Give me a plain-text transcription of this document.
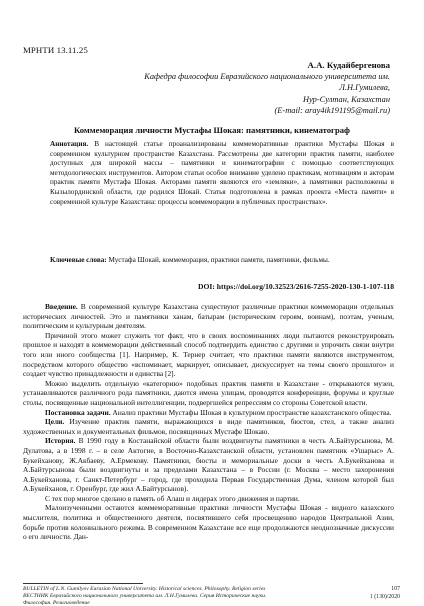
МРНТИ 13.11.25
А.А. Кудайбергенова
Кафедра философии Евразийского национального университета им. Л.Н.Гумилева,
Нур-Султан, Казахстан
(E-mail: aray4ik191195@mail.ru)
Коммеморация личности Мустафы Шокая: памятники, кинематограф
Аннотация. В настоящей статье проанализированы коммеморативные практики Мустафы Шокая в современном культурном пространстве Казахстана. Рассмотрены две категории практик памяти, наиболее доступных для широкой массы – памятники и кинематографии с помощью соответствующих методологических инструментов. Автором статьи особое внимание уделено практикам, мотивациям и акторам практик памяти Мустафа Шокая. Акторами памяти являются его «земляки», а памятники расположены в Кызылординской области, где родился Шокай. Статья подготовлена в рамках проекта «Места памяти» в современной культуре Казахстана: процессы коммеморации в публичных пространствах».
Ключевые слова: Мустафа Шокай, коммеморация, практики памяти, памятники, фильмы.
DOI: https://doi.org/10.32523/2616-7255-2020-130-1-107-118

Введение. В современной культуре Казахстана существуют различные практики коммеморации отдельных исторических личностей. Это и памятники ханам, батырам (историческим героям, воинам), поэтам, ученым, политическим и культурным деятелям.

Причиной этого может служить тот факт, что в своих воспоминаниях люди пытаются реконструировать прошлое и находят в коммеморации действенный способ подтвердить единство с другими и упрочить связи внутри того или иного сообщества [1]. Например, К. Тернер считает, что практики памяти являются инструментом, посредством которого общество «вспоминает, маркирует, описывает, дискуссирует на темы своего прошлого» и создает чувство принадлежности и единства [2].

Можно выделить отдельную «категорию» подобных практик памяти в Казахстане - открываются музеи, устанавливаются различного рода памятники, даются имена улицам, проводятся конференции, форумы и круглые столы, посвященные национальной интеллигенции, подвергшейся репрессиям со стороны Советской власти.

Постановка задачи. Анализ практики Мустафы Шокая в культурном пространстве казахстанского общества.

Цели. Изучение практик памяти, выражающихся в виде памятников, бюстов, стел, а также анализ художественных и документальных фильмов, посвященных Мустафе Шокаю.

История. В 1990 году в Костанайской области были воздвигнуты памятники в честь А.Байтурсынова, М. Дулатова, а в 1998 г. – в селе Актогне, в Восточно-Казахстанской области, установлен памятник «Ушарыс» А. Букейханову, Ж.Акбаеву, А.Ермекову. Памятники, бюсты и мемориальные доски в честь А.Букейханова и А.Байтурсынова были воздвигнуты и за пределами Казахстана – в России (г. Москва – место захоронения А.Букейханова, г. Санкт-Петербург – город, где проходила Первая Государственная Дума, членом которой был А.Букейханов, г. Оренбург, где жил А.Байтурсынов).

С тех пор многое сделано в память об Алаш и лидерах этого движения и партии.

Малоизученными остаются коммеморативные практики личности Мустафы Шокая - видного казахского мыслителя, политика и общественного деятеля, посвятившего себя просвещению народов Центральной Азии, борьбе против колониального режима. В современном Казахстане все еще продолжаются неоднозначные дискуссии о его личности. Дан-

BULLETIN of L.N. Gumilyov Eurasian National University. Historical sciences. Philosophy. Religion series
ВЕСТНИК Евразийского национального университета им. Л.Н.Гумилева. Серия Исторические науки.
Философия. Религиоведение
107
1 (130)/2020
